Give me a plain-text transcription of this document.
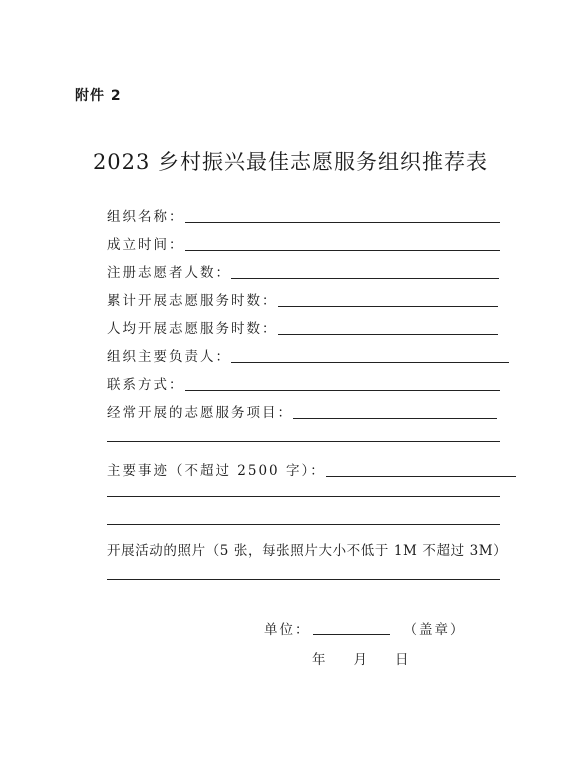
附件 2
2023 乡村振兴最佳志愿服务组织推荐表
组织名称：
成立时间：
注册志愿者人数：
累计开展志愿服务时数：
人均开展志愿服务时数：
组织主要负责人：
联系方式：
经常开展的志愿服务项目：
主要事迹（不超过 2500 字）：
开展活动的照片（5 张，每张照片大小不低于 1M 不超过 3M）
单位：	（盖章）
年 月 日
